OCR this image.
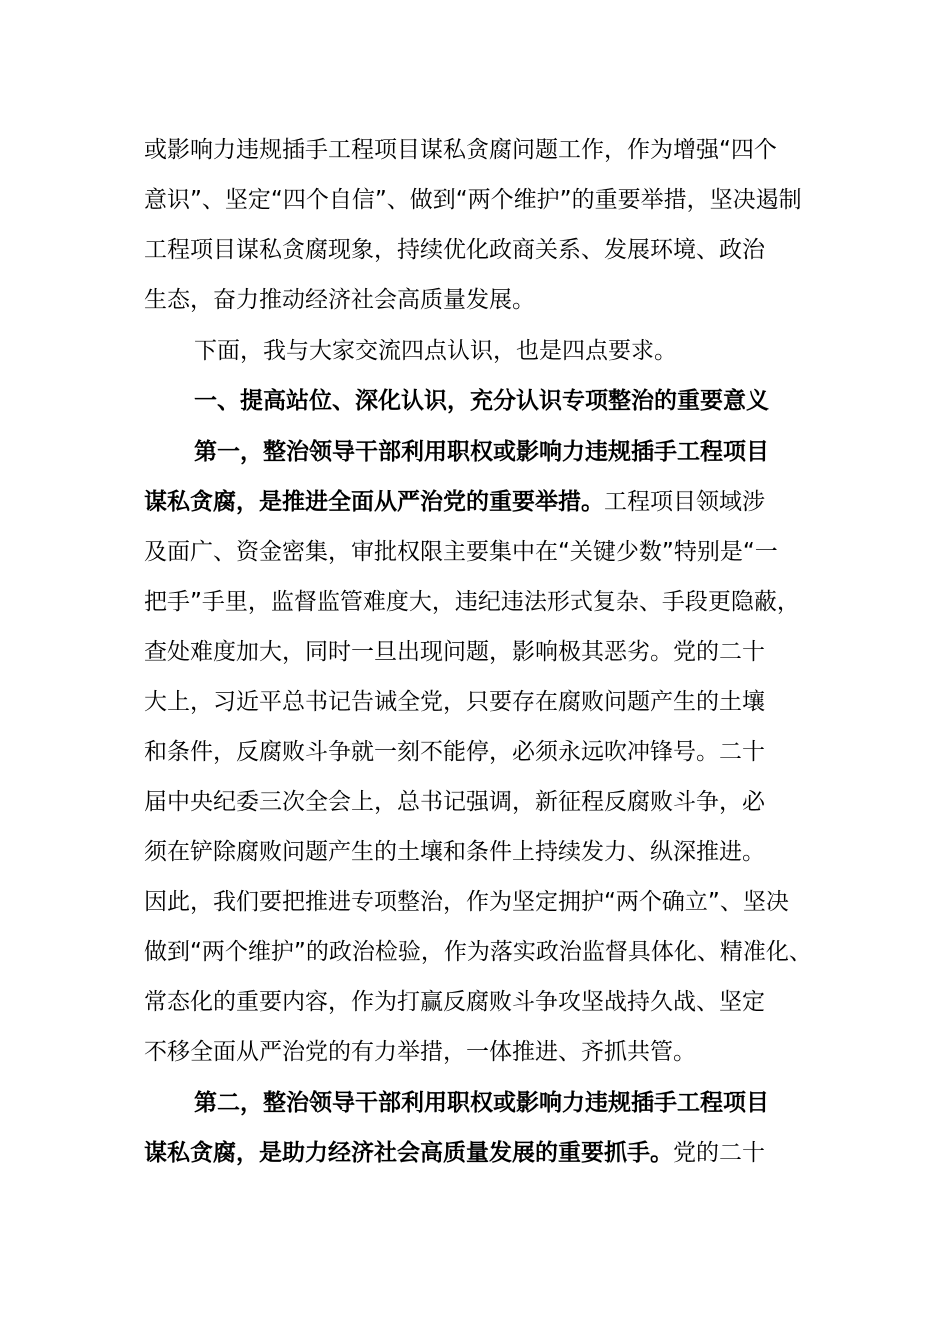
或影响力违规插手工程项目谋私贪腐问题工作，作为增强“四个
意识”、坚定“四个自信”、做到“两个维护”的重要举措，坚决遏制
工程项目谋私贪腐现象，持续优化政商关系、发展环境、政治
生态，奋力推动经济社会高质量发展。
下面，我与大家交流四点认识，也是四点要求。
一、提高站位、深化认识，充分认识专项整治的重要意义
第一，整治领导干部利用职权或影响力违规插手工程项目
谋私贪腐，是推进全面从严治党的重要举措。工程项目领域涉
及面广、资金密集，审批权限主要集中在“关键少数”特别是“一
把手”手里，监督监管难度大，违纪违法形式复杂、手段更隐蔽，
查处难度加大，同时一旦出现问题，影响极其恶劣。党的二十
大上，习近平总书记告诫全党，只要存在腐败问题产生的土壤
和条件，反腐败斗争就一刻不能停，必须永远吹冲锋号。二十
届中央纪委三次全会上，总书记强调，新征程反腐败斗争，必
须在铲除腐败问题产生的土壤和条件上持续发力、纵深推进。
因此，我们要把推进专项整治，作为坚定拥护“两个确立”、坚决
做到“两个维护”的政治检验，作为落实政治监督具体化、精准化、
常态化的重要内容，作为打赢反腐败斗争攻坚战持久战、坚定
不移全面从严治党的有力举措，一体推进、齐抓共管。
第二，整治领导干部利用职权或影响力违规插手工程项目
谋私贪腐，是助力经济社会高质量发展的重要抓手。党的二十
